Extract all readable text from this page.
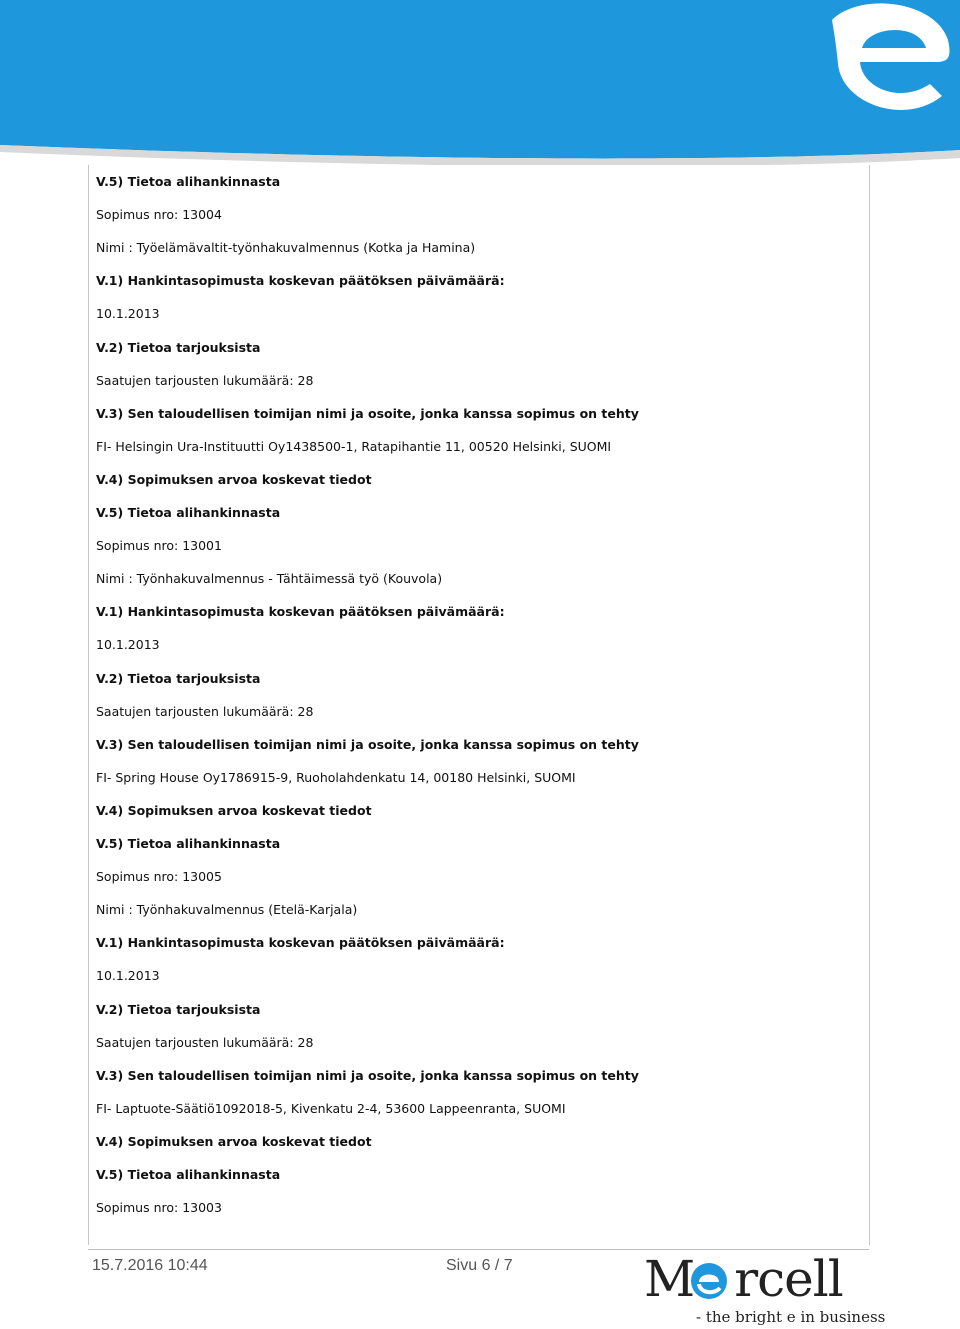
V.5) Tietoa alihankinnasta
Sopimus nro: 13004
Nimi : Työelämävaltit-työnhakuvalmennus (Kotka ja Hamina)
V.1) Hankintasopimusta koskevan päätöksen päivämäärä:
10.1.2013
V.2) Tietoa tarjouksista
Saatujen tarjousten lukumäärä: 28
V.3) Sen taloudellisen toimijan nimi ja osoite, jonka kanssa sopimus on tehty
FI- Helsingin Ura-Instituutti Oy1438500-1, Ratapihantie 11, 00520 Helsinki, SUOMI
V.4) Sopimuksen arvoa koskevat tiedot
V.5) Tietoa alihankinnasta
Sopimus nro: 13001
Nimi : Työnhakuvalmennus - Tähtäimessä työ (Kouvola)
V.1) Hankintasopimusta koskevan päätöksen päivämäärä:
10.1.2013
V.2) Tietoa tarjouksista
Saatujen tarjousten lukumäärä: 28
V.3) Sen taloudellisen toimijan nimi ja osoite, jonka kanssa sopimus on tehty
FI- Spring House Oy1786915-9, Ruoholahdenkatu 14, 00180 Helsinki, SUOMI
V.4) Sopimuksen arvoa koskevat tiedot
V.5) Tietoa alihankinnasta
Sopimus nro: 13005
Nimi : Työnhakuvalmennus (Etelä-Karjala)
V.1) Hankintasopimusta koskevan päätöksen päivämäärä:
10.1.2013
V.2) Tietoa tarjouksista
Saatujen tarjousten lukumäärä: 28
V.3) Sen taloudellisen toimijan nimi ja osoite, jonka kanssa sopimus on tehty
FI- Laptuote-Säätiö1092018-5, Kivenkatu 2-4, 53600 Lappeenranta, SUOMI
V.4) Sopimuksen arvoa koskevat tiedot
V.5) Tietoa alihankinnasta
Sopimus nro: 13003
15.7.2016 10:44	Sivu 6 / 7	M rcell
- the bright e in business
